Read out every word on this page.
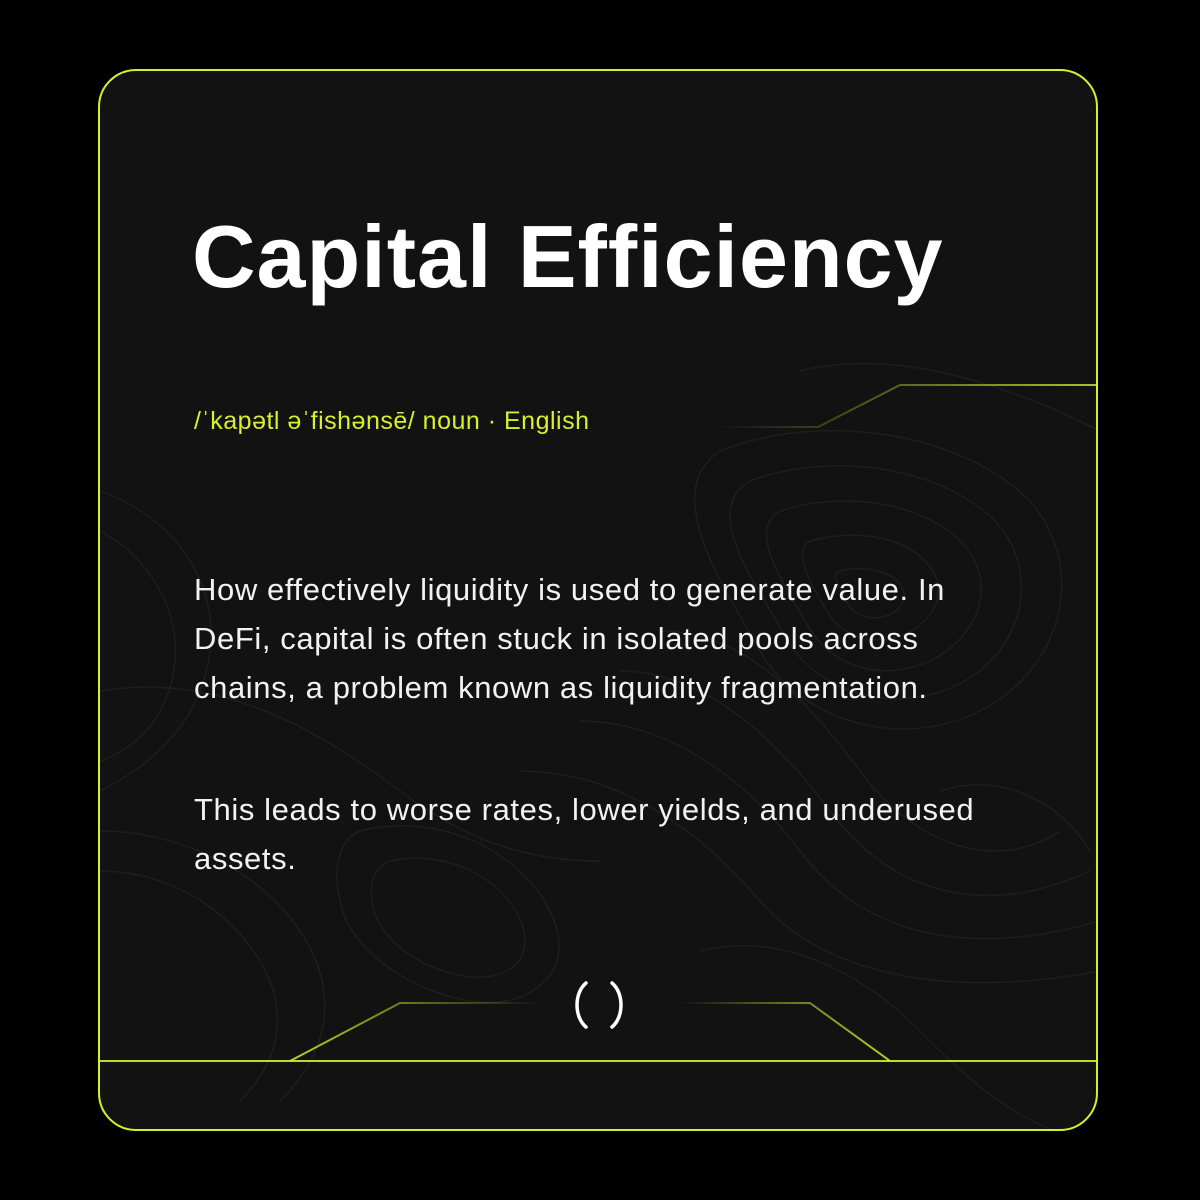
Capital Efficiency
/ˈkapətl əˈfishənsē/ noun · English

How effectively liquidity is used to generate value. In DeFi, capital is often stuck in isolated pools across chains, a problem known as liquidity fragmentation.

This leads to worse rates, lower yields, and underused assets.
